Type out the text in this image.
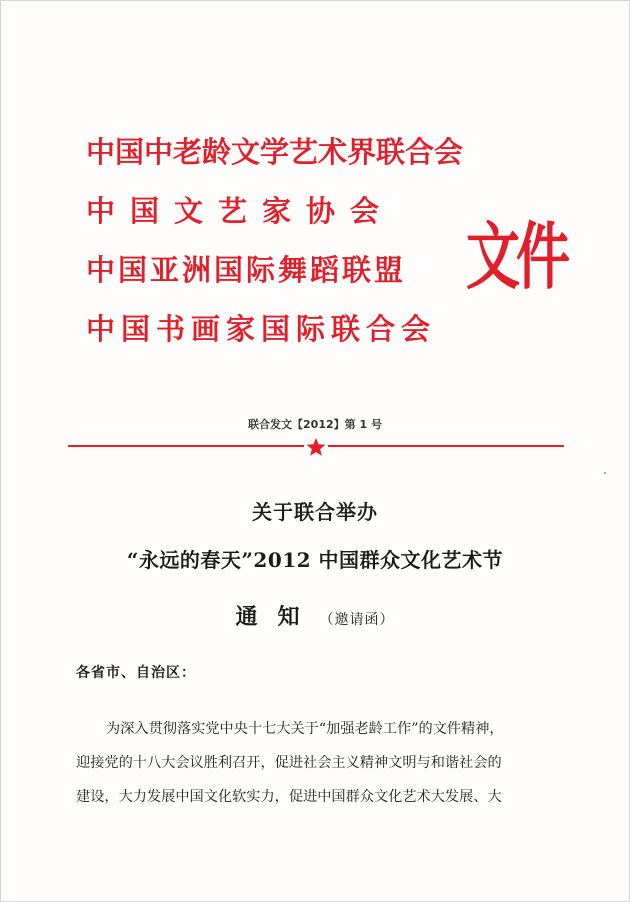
中国中老龄文学艺术界联合会
中国文艺家协会
中国亚洲国际舞蹈联盟
中国书画家国际联合会
文件
联合发文【2012】第 1 号
关于联合举办
“永远的春天”2012 中国群众文化艺术节
通知（邀请函）
各省市、自治区：
为深入贯彻落实党中央十七大关于“加强老龄工作”的文件精神，
迎接党的十八大会议胜利召开，促进社会主义精神文明与和谐社会的
建设，大力发展中国文化软实力，促进中国群众文化艺术大发展、大
